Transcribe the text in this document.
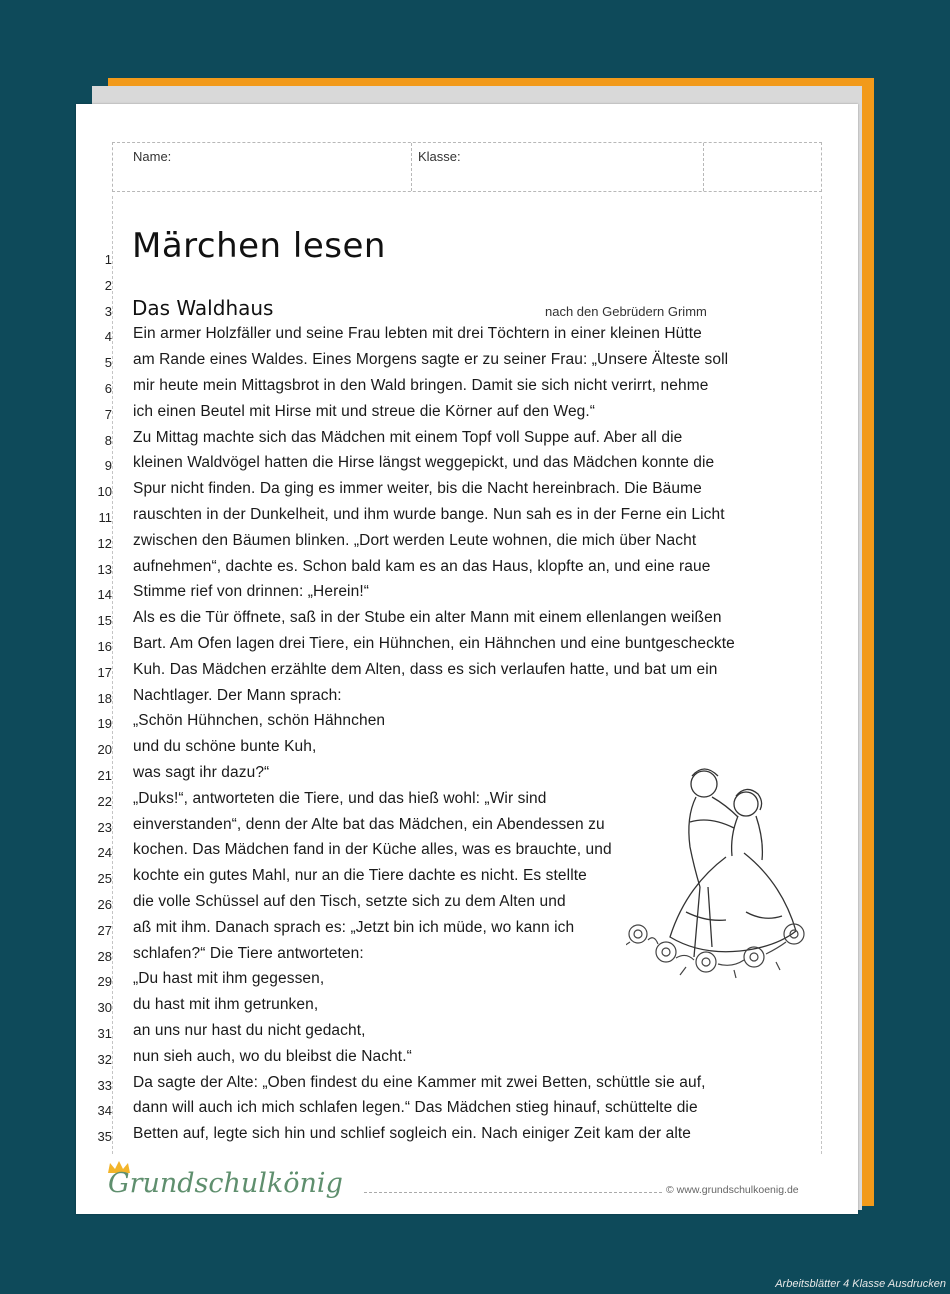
Name:	Klasse:
Märchen lesen
Das Waldhaus	nach den Gebrüdern Grimm
1
2
3
4 Ein armer Holzfäller und seine Frau lebten mit drei Töchtern in einer kleinen Hütte
5 am Rande eines Waldes. Eines Morgens sagte er zu seiner Frau: „Unsere Älteste soll
6 mir heute mein Mittagsbrot in den Wald bringen. Damit sie sich nicht verirrt, nehme
7 ich einen Beutel mit Hirse mit und streue die Körner auf den Weg.“
8 Zu Mittag machte sich das Mädchen mit einem Topf voll Suppe auf. Aber all die
9 kleinen Waldvögel hatten die Hirse längst weggepickt, und das Mädchen konnte die
10 Spur nicht finden. Da ging es immer weiter, bis die Nacht hereinbrach. Die Bäume
11 rauschten in der Dunkelheit, und ihm wurde bange. Nun sah es in der Ferne ein Licht
12 zwischen den Bäumen blinken. „Dort werden Leute wohnen, die mich über Nacht
13 aufnehmen“, dachte es. Schon bald kam es an das Haus, klopfte an, und eine raue
14 Stimme rief von drinnen: „Herein!“
15 Als es die Tür öffnete, saß in der Stube ein alter Mann mit einem ellenlangen weißen
16 Bart. Am Ofen lagen drei Tiere, ein Hühnchen, ein Hähnchen und eine buntgescheckte
17 Kuh. Das Mädchen erzählte dem Alten, dass es sich verlaufen hatte, und bat um ein
18 Nachtlager. Der Mann sprach:
19 „Schön Hühnchen, schön Hähnchen
20 und du schöne bunte Kuh,
21 was sagt ihr dazu?“
22 „Duks!“, antworteten die Tiere, und das hieß wohl: „Wir sind
23 einverstanden“, denn der Alte bat das Mädchen, ein Abendessen zu
24 kochen. Das Mädchen fand in der Küche alles, was es brauchte, und
25 kochte ein gutes Mahl, nur an die Tiere dachte es nicht. Es stellte
26 die volle Schüssel auf den Tisch, setzte sich zu dem Alten und
27 aß mit ihm. Danach sprach es: „Jetzt bin ich müde, wo kann ich
28 schlafen?“ Die Tiere antworteten:
29 „Du hast mit ihm gegessen,
30 du hast mit ihm getrunken,
31 an uns nur hast du nicht gedacht,
32 nun sieh auch, wo du bleibst die Nacht.“
33 Da sagte der Alte: „Oben findest du eine Kammer mit zwei Betten, schüttle sie auf,
34 dann will auch ich mich schlafen legen.“ Das Mädchen stieg hinauf, schüttelte die
35 Betten auf, legte sich hin und schlief sogleich ein. Nach einiger Zeit kam der alte
Grundschulkönig	© www.grundschulkoenig.de
Arbeitsblätter 4 Klasse Ausdrucken
